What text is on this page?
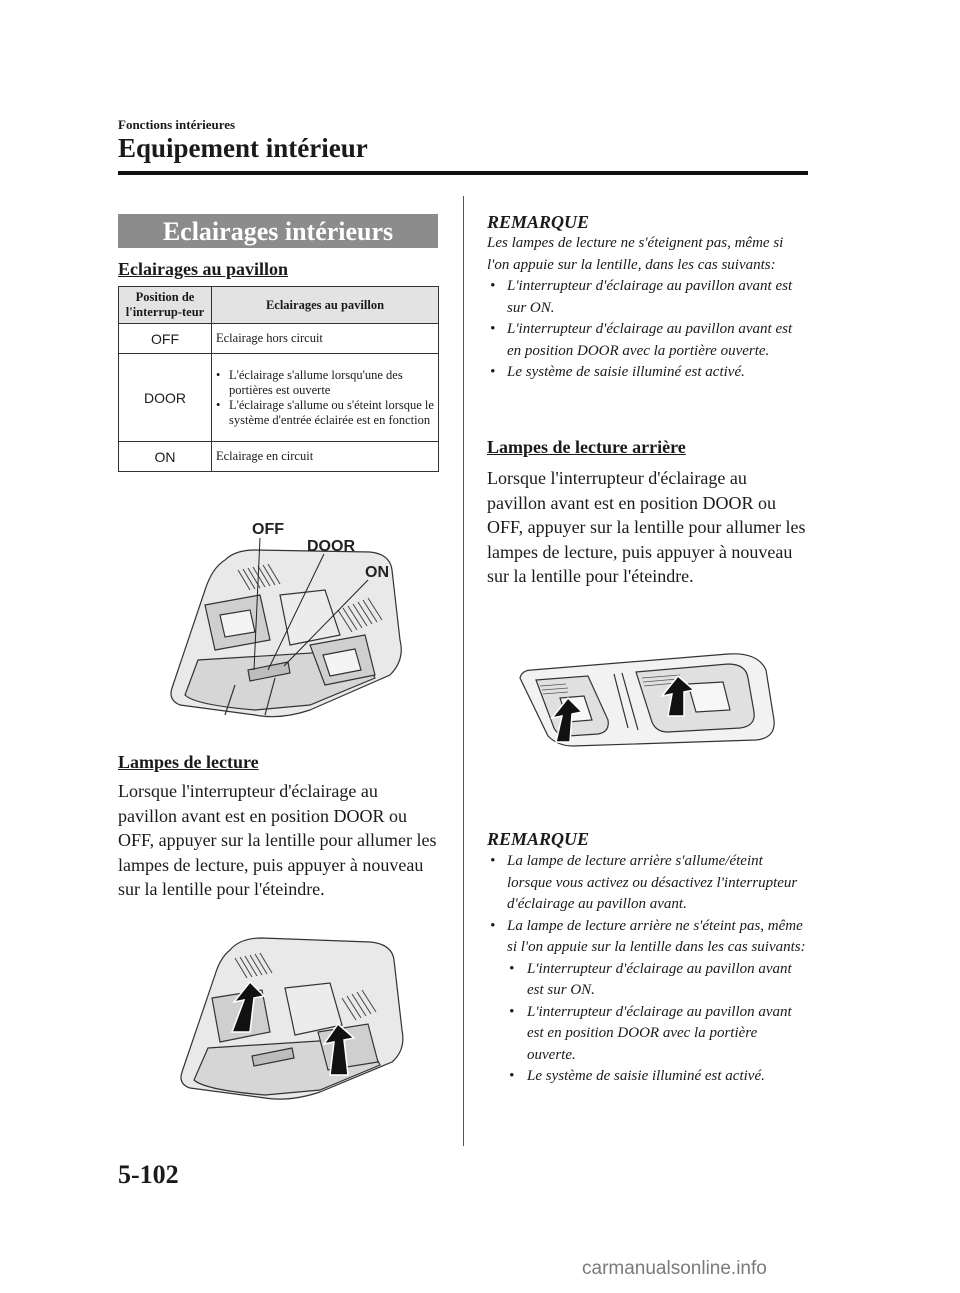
Fonctions intérieures
Equipement intérieur
Eclairages intérieurs
Eclairages au pavillon
Position de l'interrup-teur	Eclairages au pavillon
OFF	Eclairage hors circuit
DOOR	• L'éclairage s'allume lorsqu'une des portières est ouverte
• L'éclairage s'allume ou s'éteint lorsque le système d'entrée éclairée est en fonction

ON	Eclairage en circuit
OFF
DOOR
ON
Lampes de lecture
Lorsque l'interrupteur d'éclairage au pavillon avant est en position DOOR ou OFF, appuyer sur la lentille pour allumer les lampes de lecture, puis appuyer à nouveau sur la lentille pour l'éteindre.
REMARQUE
Les lampes de lecture ne s'éteignent pas, même si l'on appuie sur la lentille, dans les cas suivants:
• L'interrupteur d'éclairage au pavillon avant est sur ON.
• L'interrupteur d'éclairage au pavillon avant est en position DOOR avec la portière ouverte.
• Le système de saisie illuminé est activé.
Lampes de lecture arrière
Lorsque l'interrupteur d'éclairage au pavillon avant est en position DOOR ou OFF, appuyer sur la lentille pour allumer les lampes de lecture, puis appuyer à nouveau sur la lentille pour l'éteindre.
REMARQUE
• La lampe de lecture arrière s'allume/éteint lorsque vous activez ou désactivez l'interrupteur d'éclairage au pavillon avant.
• La lampe de lecture arrière ne s'éteint pas, même si l'on appuie sur la lentille dans les cas suivants:
• L'interrupteur d'éclairage au pavillon avant est sur ON.
• L'interrupteur d'éclairage au pavillon avant est en position DOOR avec la portière ouverte.
• Le système de saisie illuminé est activé.
5-102
carmanualsonline.info
